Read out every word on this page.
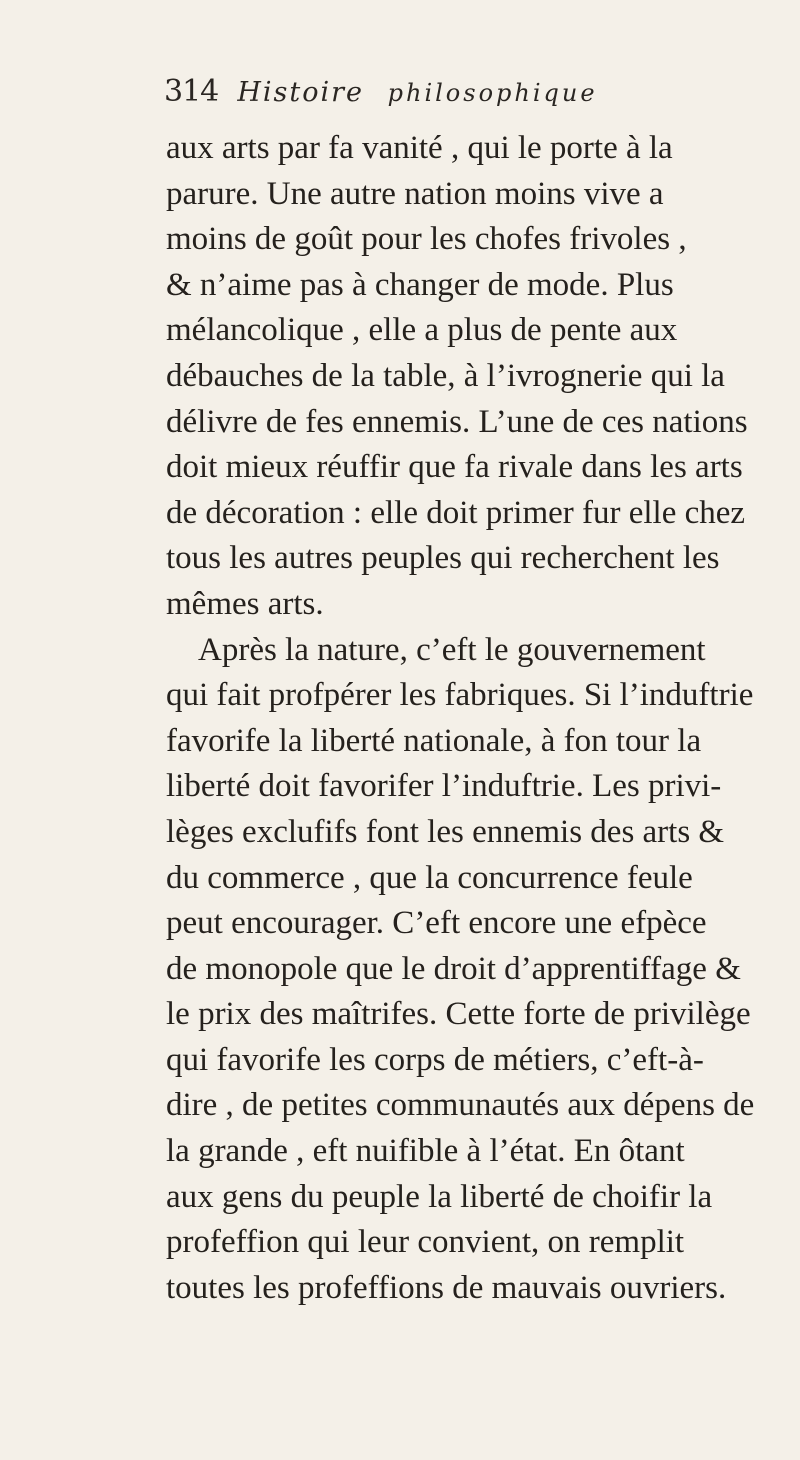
314 Histoire philosophique
aux arts par fa vanité , qui le porte à la
parure. Une autre nation moins vive a
moins de goût pour les chofes frivoles ,
& n’aime pas à changer de mode. Plus
mélancolique , elle a plus de pente aux
débauches de la table, à l’ivrognerie qui la
délivre de fes ennemis. L’une de ces nations
doit mieux réuffir que fa rivale dans les arts
de décoration : elle doit primer fur elle chez
tous les autres peuples qui recherchent les
mêmes arts.
Après la nature, c’eft le gouvernement
qui fait profpérer les fabriques. Si l’induftrie
favorife la liberté nationale, à fon tour la
liberté doit favorifer l’induftrie. Les privi-
lèges exclufifs font les ennemis des arts &
du commerce , que la concurrence feule
peut encourager. C’eft encore une efpèce
de monopole que le droit d’apprentiffage &
le prix des maîtrifes. Cette forte de privilège
qui favorife les corps de métiers, c’eft-à-
dire , de petites communautés aux dépens de
la grande , eft nuifible à l’état. En ôtant
aux gens du peuple la liberté de choifir la
profeffion qui leur convient, on remplit
toutes les profeffions de mauvais ouvriers.
